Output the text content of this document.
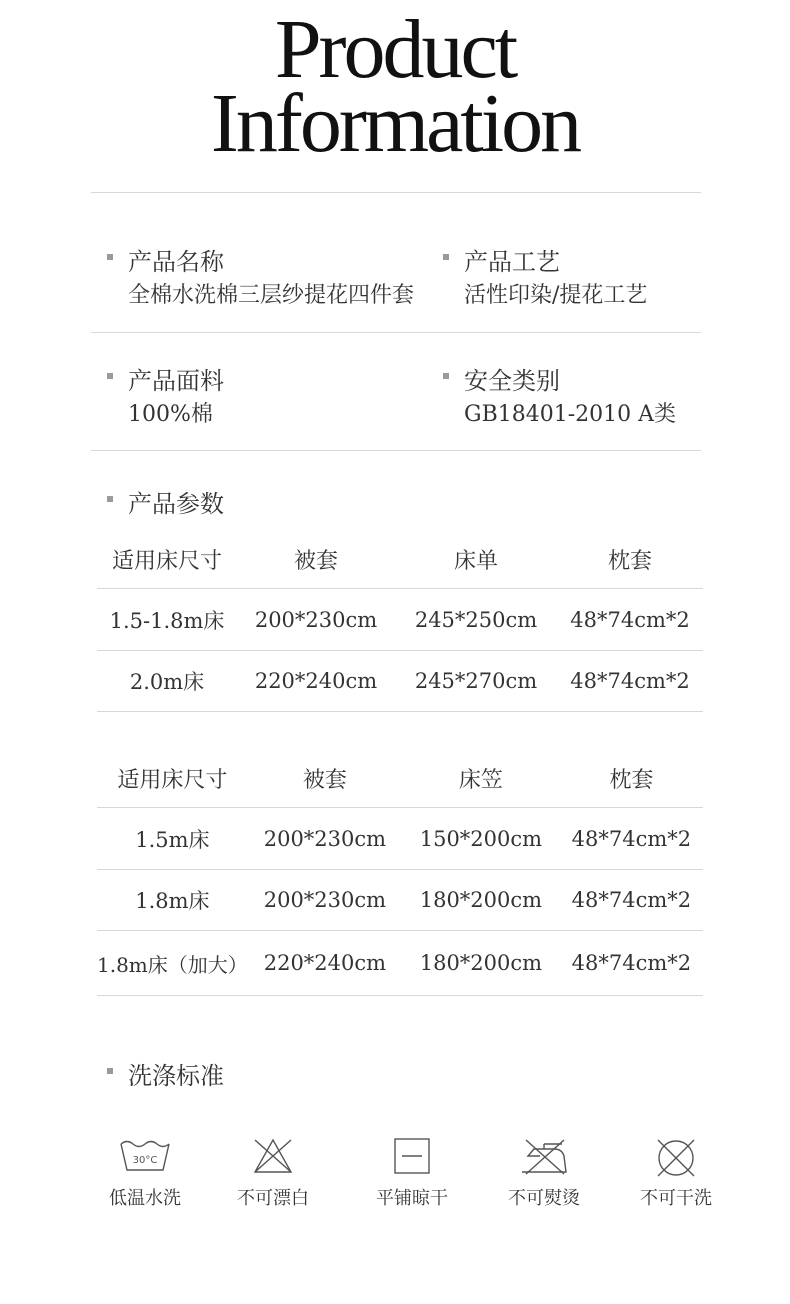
Product
Information
产品名称
全棉水洗棉三层纱提花四件套
产品工艺
活性印染/提花工艺
产品面料
100%棉
安全类别
GB18401-2010 A类
产品参数
适用床尺寸	被套	床单	枕套
1.5-1.8m床	200*230cm	245*250cm	48*74cm*2
2.0m床	220*240cm	245*270cm	48*74cm*2
适用床尺寸	被套	床笠	枕套
1.5m床	200*230cm	150*200cm	48*74cm*2
1.8m床	200*230cm	180*200cm	48*74cm*2
1.8m床（加大）	220*240cm	180*200cm	48*74cm*2
洗涤标准
30°C
低温水洗	不可漂白	平铺晾干	不可熨烫	不可干洗
